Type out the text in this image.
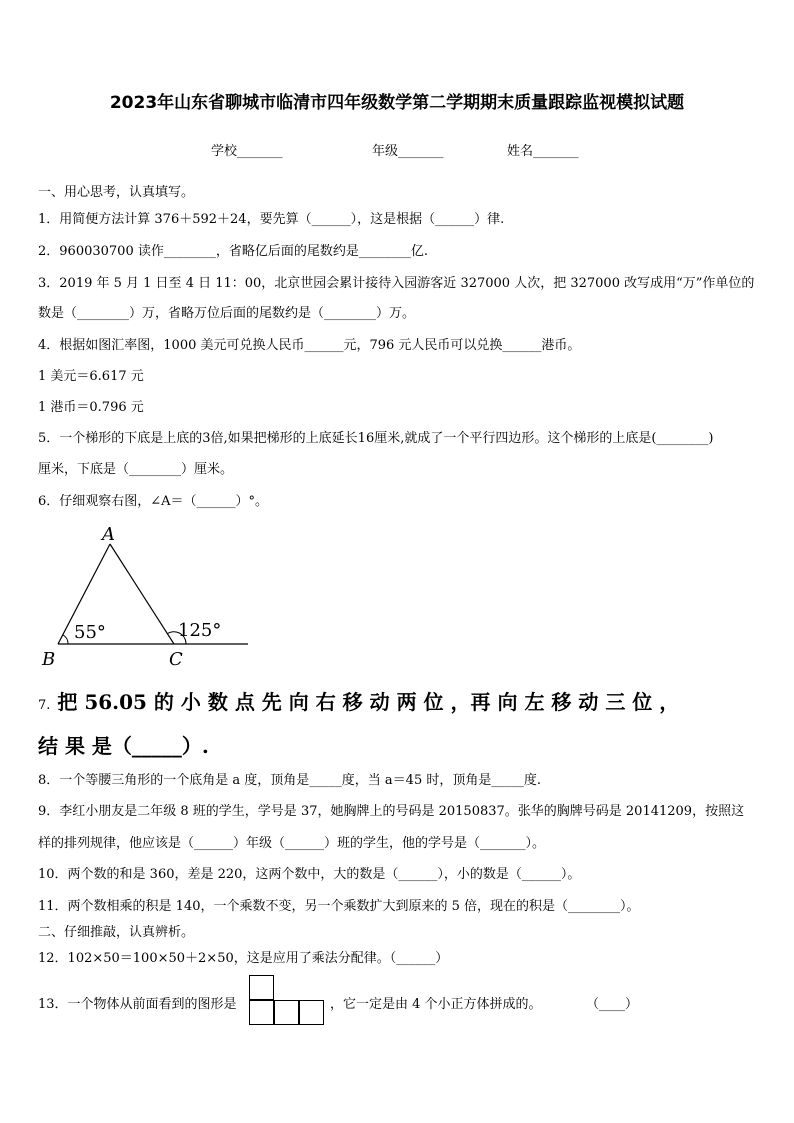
2023年山东省聊城市临清市四年级数学第二学期期末质量跟踪监视模拟试题
学校_______	年级_______	姓名_______
一、用心思考，认真填写。
1．用简便方法计算 376＋592＋24，要先算（______），这是根据（______）律.
2．960030700 读作________，省略亿后面的尾数约是________亿.
3．2019 年 5 月 1 日至 4 日 11：00，北京世园会累计接待入园游客近 327000 人次，把 327000 改写成用“万”作单位的
数是（________）万，省略万位后面的尾数约是（________）万。
4．根据如图汇率图，1000 美元可兑换人民币______元，796 元人民币可以兑换______港币。
1 美元＝6.617 元
1 港币＝0.796 元
5．一个梯形的下底是上底的3倍,如果把梯形的上底延长16厘米,就成了一个平行四边形。这个梯形的上底是(________)
厘米，下底是（________）厘米。
6．仔细观察右图，∠A＝（______）°。
A
B	C
55°	125°
7. 把 56.05 的 小 数 点 先 向 右 移 动 两 位 ，再 向 左 移 动 三 位 ，
结 果 是（_____）.
8．一个等腰三角形的一个底角是 a 度，顶角是_____度，当 a＝45 时，顶角是_____度.
9．李红小朋友是二年级 8 班的学生，学号是 37，她胸牌上的号码是 20150837。张华的胸牌号码是 20141209，按照这
样的排列规律，他应该是（______）年级（______）班的学生，他的学号是（_______）。
10．两个数的和是 360，差是 220，这两个数中，大的数是（______），小的数是（______）。
11．两个数相乘的积是 140，一个乘数不变，另一个乘数扩大到原来的 5 倍，现在的积是（________）。
二、仔细推敲，认真辨析。
12．102×50＝100×50＋2×50，这是应用了乘法分配律。（______）
13．一个物体从前面看到的图形是	，它一定是由 4 个小正方体拼成的。	（____）
